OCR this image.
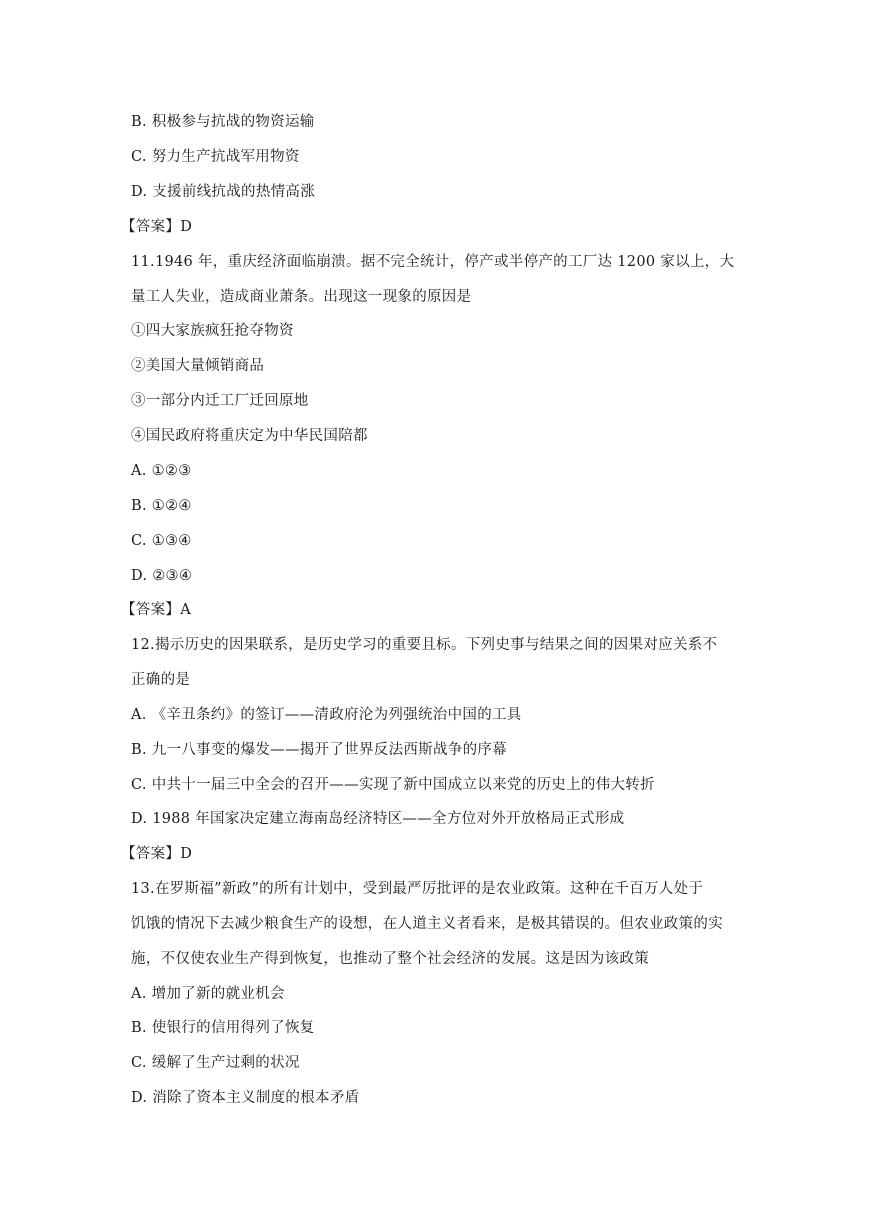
B. 积极参与抗战的物资运输
C. 努力生产抗战军用物资
D. 支援前线抗战的热情高涨
【答案】D
11.1946 年，重庆经济面临崩溃。据不完全统计，停产或半停产的工厂达 1200 家以上，大
量工人失业，造成商业萧条。出现这一现象的原因是
①四大家族疯狂抢夺物资
②美国大量倾销商品
③一部分内迁工厂迁回原地
④国民政府将重庆定为中华民国陪都
A. ①②③
B. ①②④
C. ①③④
D. ②③④
【答案】A
12.揭示历史的因果联系，是历史学习的重要且标。下列史事与结果之间的因果对应关系不
正确的是
A. 《辛丑条约》的签订——清政府沦为列强统治中国的工具
B. 九一八事变的爆发——揭开了世界反法西斯战争的序幕
C. 中共十一届三中全会的召开——实现了新中国成立以来党的历史上的伟大转折
D. 1988 年国家决定建立海南岛经济特区——全方位对外开放格局正式形成
【答案】D
13.在罗斯福”新政”的所有计划中，受到最严厉批评的是农业政策。这种在千百万人处于
饥饿的情况下去减少粮食生产的设想，在人道主义者看来，是极其错误的。但农业政策的实
施，不仅使农业生产得到恢复，也推动了整个社会经济的发展。这是因为该政策
A. 增加了新的就业机会
B. 使银行的信用得列了恢复
C. 缓解了生产过剩的状况
D. 消除了资本主义制度的根本矛盾
